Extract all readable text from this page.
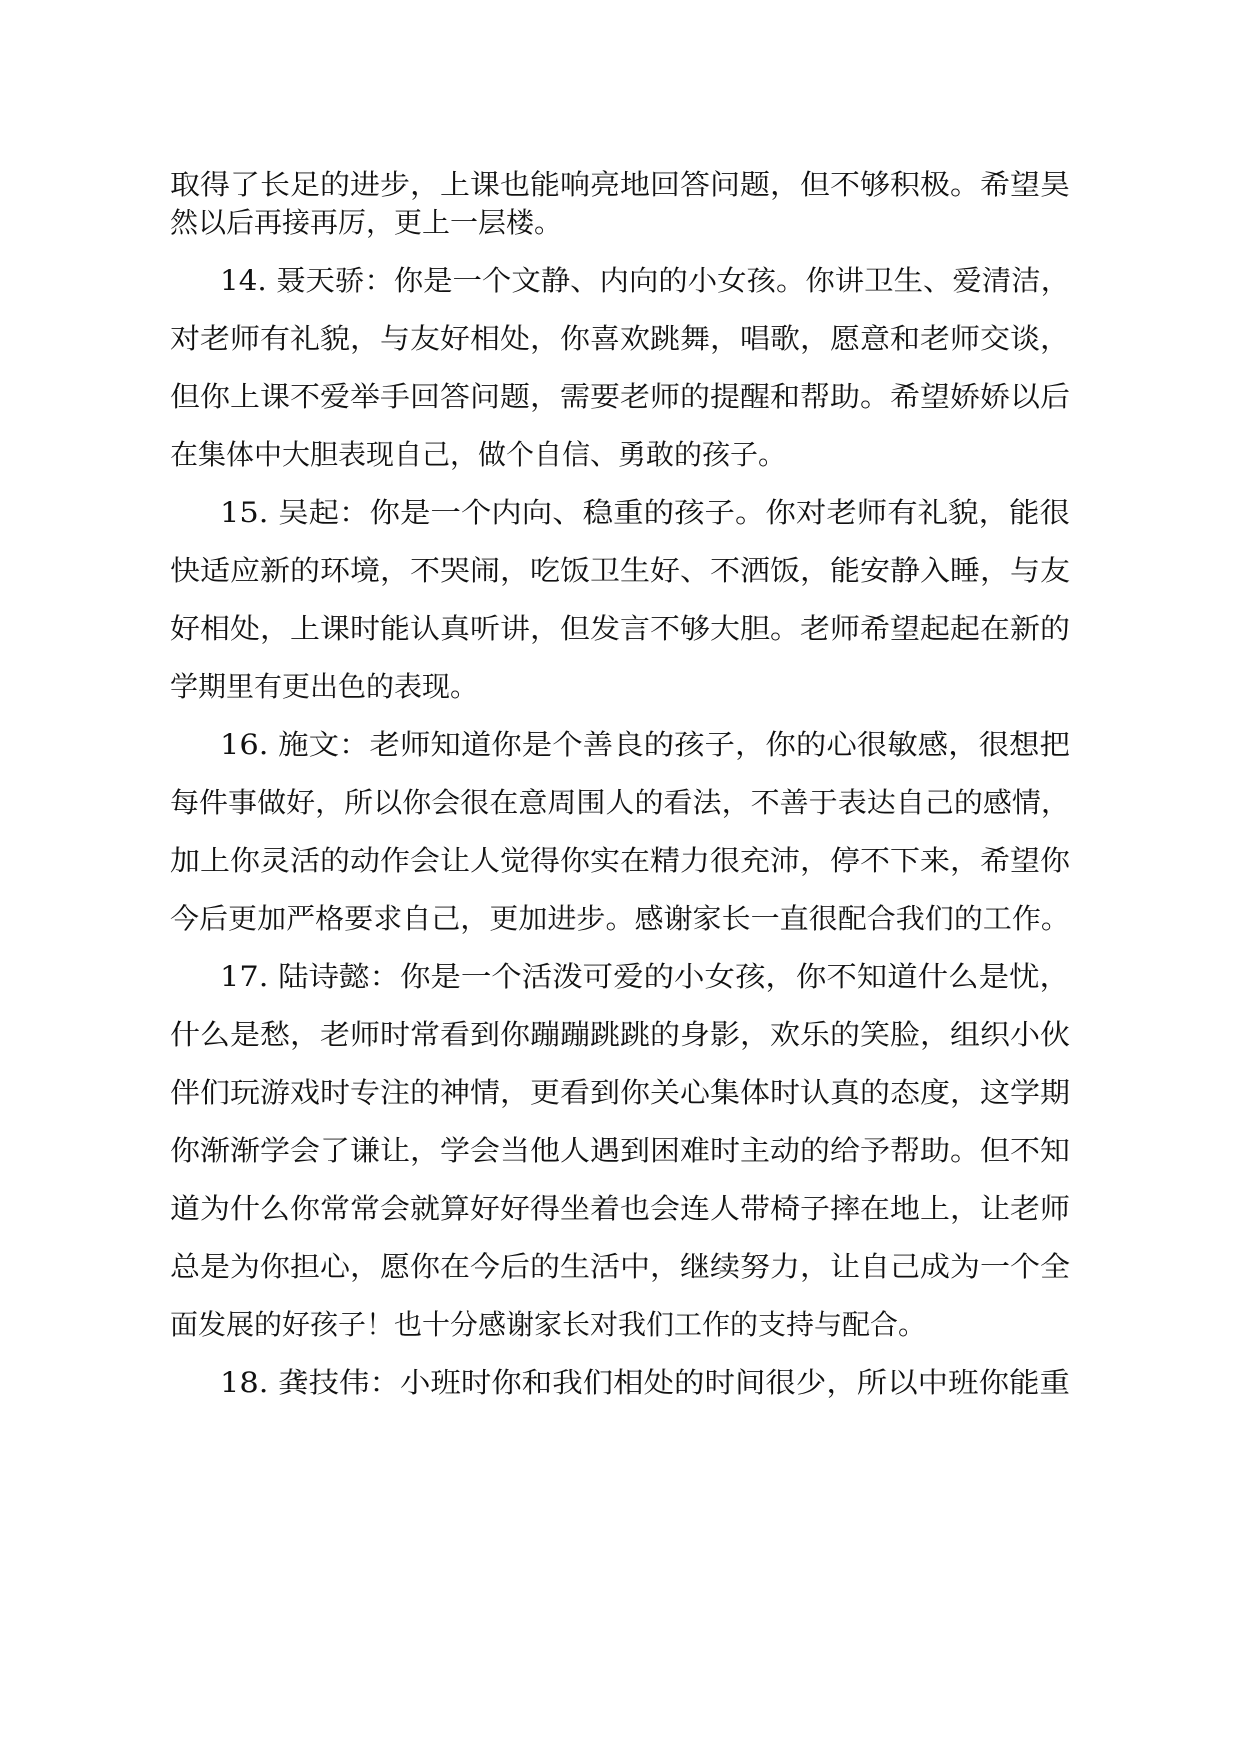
取得了长足的进步，上课也能响亮地回答问题，但不够积极。希望昊
然以后再接再厉，更上一层楼。
14. 聂天骄：你是一个文静、内向的小女孩。你讲卫生、爱清洁，
对老师有礼貌，与友好相处，你喜欢跳舞，唱歌，愿意和老师交谈，
但你上课不爱举手回答问题，需要老师的提醒和帮助。希望娇娇以后
在集体中大胆表现自己，做个自信、勇敢的孩子。
15. 吴起：你是一个内向、稳重的孩子。你对老师有礼貌，能很
快适应新的环境，不哭闹，吃饭卫生好、不洒饭，能安静入睡，与友
好相处，上课时能认真听讲，但发言不够大胆。老师希望起起在新的
学期里有更出色的表现。
16. 施文：老师知道你是个善良的孩子，你的心很敏感，很想把
每件事做好，所以你会很在意周围人的看法，不善于表达自己的感情，
加上你灵活的动作会让人觉得你实在精力很充沛，停不下来，希望你
今后更加严格要求自己，更加进步。感谢家长一直很配合我们的工作。
17. 陆诗懿：你是一个活泼可爱的小女孩，你不知道什么是忧，
什么是愁，老师时常看到你蹦蹦跳跳的身影，欢乐的笑脸，组织小伙
伴们玩游戏时专注的神情，更看到你关心集体时认真的态度，这学期
你渐渐学会了谦让，学会当他人遇到困难时主动的给予帮助。但不知
道为什么你常常会就算好好得坐着也会连人带椅子摔在地上，让老师
总是为你担心，愿你在今后的生活中，继续努力，让自己成为一个全
面发展的好孩子！也十分感谢家长对我们工作的支持与配合。
18. 龚技伟：小班时你和我们相处的时间很少，所以中班你能重
